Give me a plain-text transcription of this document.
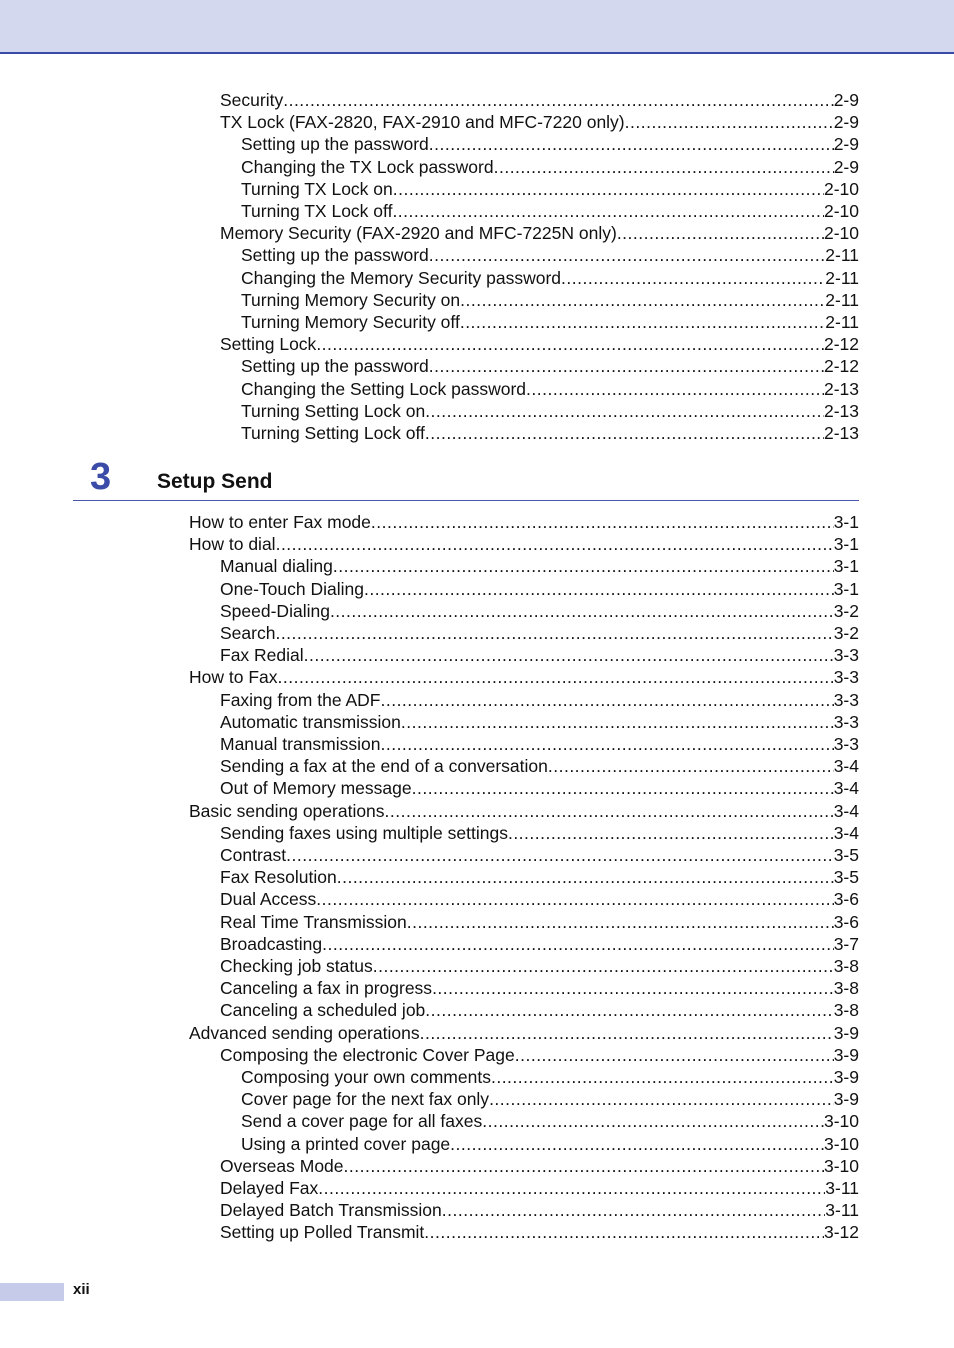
Security .....	2-9
TX Lock (FAX-2820, FAX-2910 and MFC-7220 only) .....	2-9
Setting up the password .....	2-9
Changing the TX Lock password .....	2-9
Turning TX Lock on .....	2-10
Turning TX Lock off .....	2-10
Memory Security (FAX-2920 and MFC-7225N only) .....	2-10
Setting up the password .....	2-11
Changing the Memory Security password .....	2-11
Turning Memory Security on .....	2-11
Turning Memory Security off .....	2-11
Setting Lock .....	2-12
Setting up the password .....	2-12
Changing the Setting Lock password .....	2-13
Turning Setting Lock on .....	2-13
Turning Setting Lock off .....	2-13
3 Setup Send
How to enter Fax mode .....	3-1
How to dial .....	3-1
Manual dialing .....	3-1
One-Touch Dialing .....	3-1
Speed-Dialing .....	3-2
Search .....	3-2
Fax Redial .....	3-3
How to Fax .....	3-3
Faxing from the ADF .....	3-3
Automatic transmission .....	3-3
Manual transmission .....	3-3
Sending a fax at the end of a conversation .....	3-4
Out of Memory message .....	3-4
Basic sending operations .....	3-4
Sending faxes using multiple settings .....	3-4
Contrast .....	3-5
Fax Resolution .....	3-5
Dual Access .....	3-6
Real Time Transmission .....	3-6
Broadcasting .....	3-7
Checking job status .....	3-8
Canceling a fax in progress .....	3-8
Canceling a scheduled job .....	3-8
Advanced sending operations .....	3-9
Composing the electronic Cover Page .....	3-9
Composing your own comments .....	3-9
Cover page for the next fax only .....	3-9
Send a cover page for all faxes .....	3-10
Using a printed cover page .....	3-10
Overseas Mode .....	3-10
Delayed Fax .....	3-11
Delayed Batch Transmission .....	3-11
Setting up Polled Transmit .....	3-12
xii
